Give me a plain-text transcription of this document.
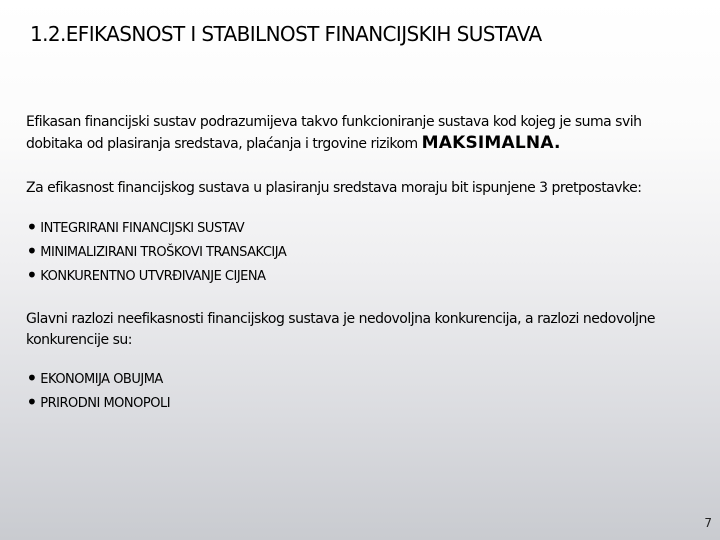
1.2.EFIKASNOST I STABILNOST FINANCIJSKIH SUSTAVA
Efikasan financijski sustav podrazumijeva takvo funkcioniranje sustava kod kojeg je suma svih dobitaka od plasiranja sredstava, plaćanja i trgovine rizikom MAKSIMALNA.
Za efikasnost financijskog sustava u plasiranju sredstava moraju bit ispunjene 3 pretpostavke:
• INTEGRIRANI FINANCIJSKI SUSTAV
• MINIMALIZIRANI TROŠKOVI TRANSAKCIJA
• KONKURENTNO UTVRĐIVANJE CIJENA
Glavni razlozi neefikasnosti financijskog sustava je nedovoljna konkurencija, a razlozi nedovoljne konkurencije su:
• EKONOMIJA OBUJMA
• PRIRODNI MONOPOLI
7
